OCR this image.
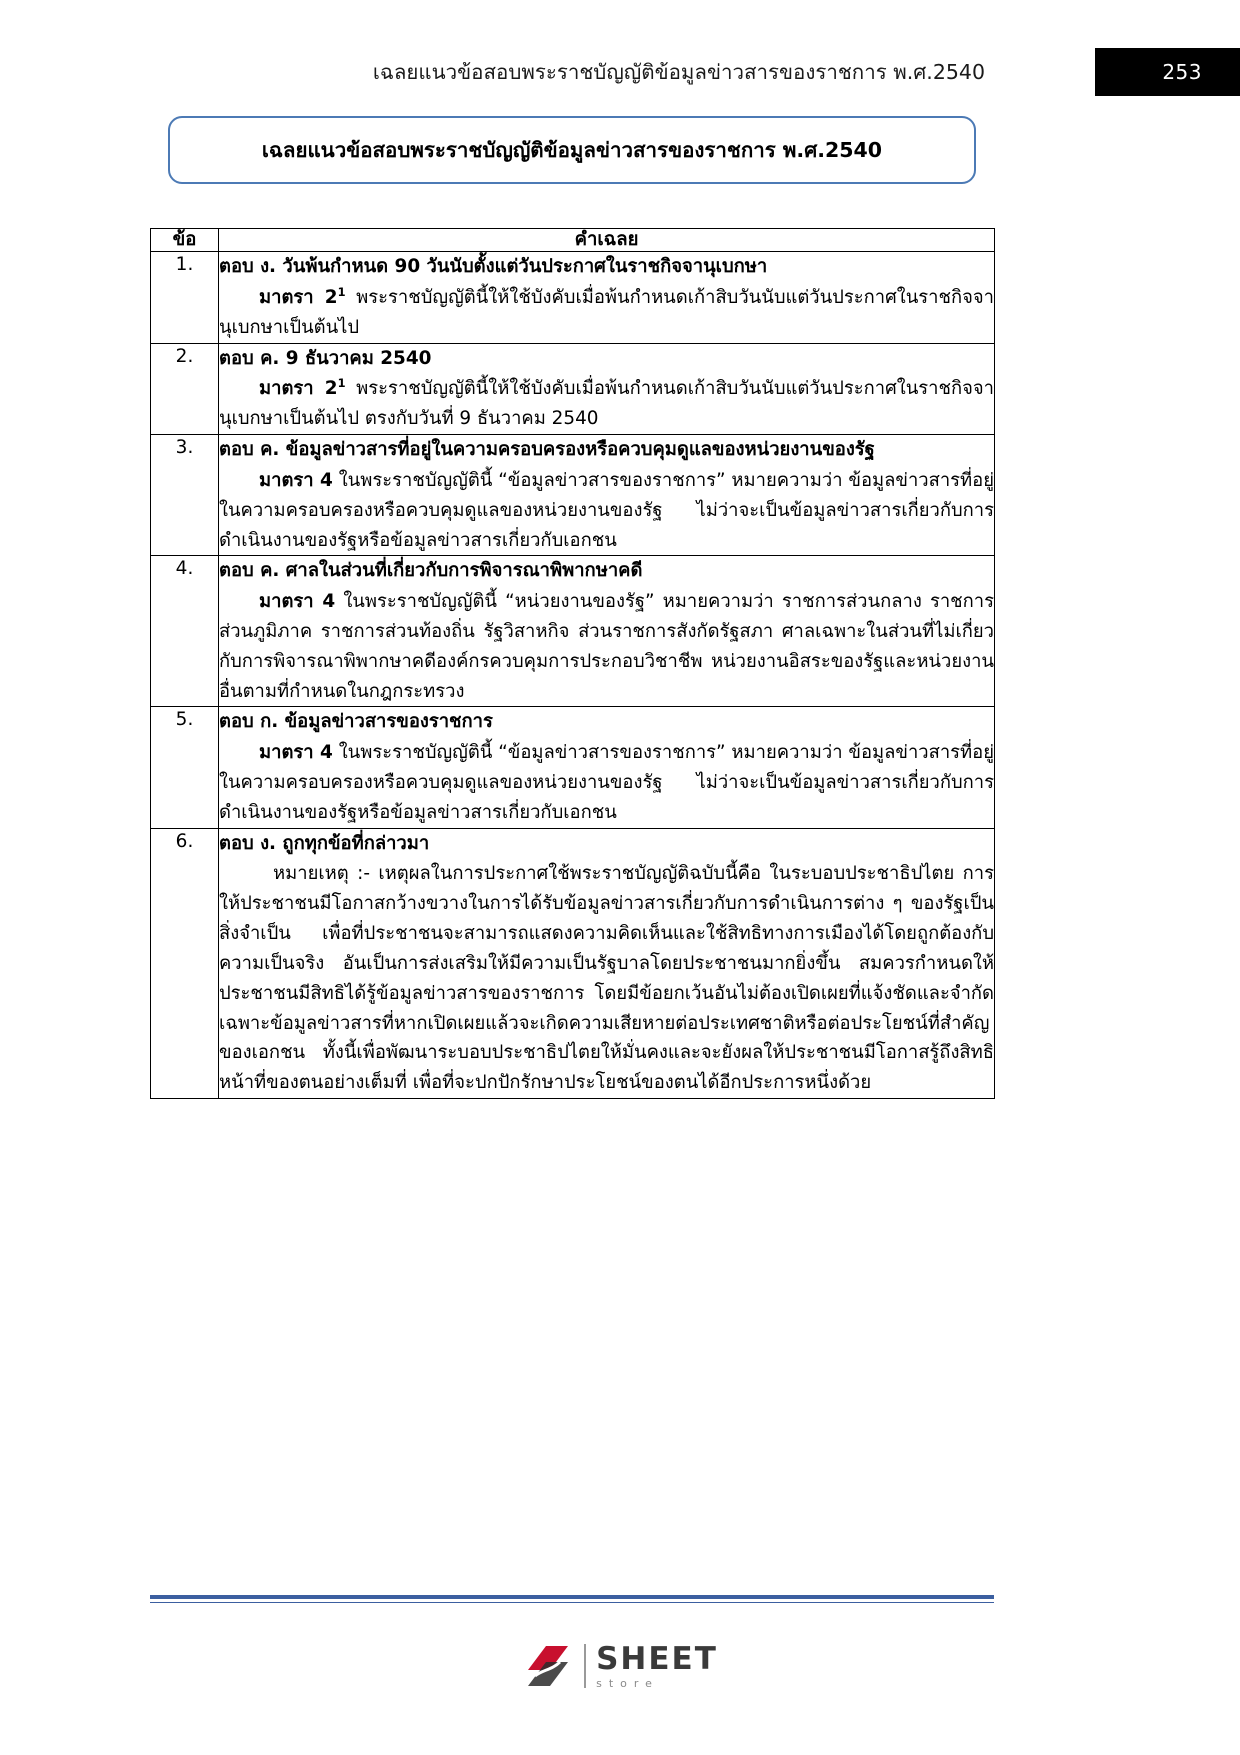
เฉลยแนวข้อสอบพระราชบัญญัติข้อมูลข่าวสารของราชการ พ.ศ.2540	253
เฉลยแนวข้อสอบพระราชบัญญัติข้อมูลข่าวสารของราชการ พ.ศ.2540
ข้อ	คำเฉลย
1.	ตอบ ง. วันพ้นกำหนด 90 วันนับตั้งแต่วันประกาศในราชกิจจานุเบกษา

มาตรา $2^1$ พระราชบัญญัตินี้ให้ใช้บังคับเมื่อพ้นกำหนดเก้าสิบวันนับแต่วันประกาศในราชกิจจานุเบกษาเป็นต้นไป

2.	ตอบ ค. 9 ธันวาคม 2540

มาตรา $2^1$ พระราชบัญญัตินี้ให้ใช้บังคับเมื่อพ้นกำหนดเก้าสิบวันนับแต่วันประกาศในราชกิจจานุเบกษาเป็นต้นไป ตรงกับวันที่ 9 ธันวาคม 2540

3.	ตอบ ค. ข้อมูลข่าวสารที่อยู่ในความครอบครองหรือควบคุมดูแลของหน่วยงานของรัฐ

มาตรา 4 ในพระราชบัญญัตินี้ “ข้อมูลข่าวสารของราชการ” หมายความว่า ข้อมูลข่าวสารที่อยู่ในความครอบครองหรือควบคุมดูแลของหน่วยงานของรัฐ ไม่ว่าจะเป็นข้อมูลข่าวสารเกี่ยวกับการดำเนินงานของรัฐหรือข้อมูลข่าวสารเกี่ยวกับเอกชน

4.	ตอบ ค. ศาลในส่วนที่เกี่ยวกับการพิจารณาพิพากษาคดี

มาตรา 4 ในพระราชบัญญัตินี้ “หน่วยงานของรัฐ” หมายความว่า ราชการส่วนกลาง ราชการส่วนภูมิภาค ราชการส่วนท้องถิ่น รัฐวิสาหกิจ ส่วนราชการสังกัดรัฐสภา ศาลเฉพาะในส่วนที่ไม่เกี่ยวกับการพิจารณาพิพากษาคดีองค์กรควบคุมการประกอบวิชาชีพ หน่วยงานอิสระของรัฐและหน่วยงานอื่นตามที่กำหนดในกฎกระทรวง

5.	ตอบ ก. ข้อมูลข่าวสารของราชการ

มาตรา 4 ในพระราชบัญญัตินี้ “ข้อมูลข่าวสารของราชการ” หมายความว่า ข้อมูลข่าวสารที่อยู่ในความครอบครองหรือควบคุมดูแลของหน่วยงานของรัฐ ไม่ว่าจะเป็นข้อมูลข่าวสารเกี่ยวกับการดำเนินงานของรัฐหรือข้อมูลข่าวสารเกี่ยวกับเอกชน

6.	ตอบ ง. ถูกทุกข้อที่กล่าวมา

หมายเหตุ :- เหตุผลในการประกาศใช้พระราชบัญญัติฉบับนี้คือ ในระบอบประชาธิปไตย การให้ประชาชนมีโอกาสกว้างขวางในการได้รับข้อมูลข่าวสารเกี่ยวกับการดำเนินการต่าง ๆ ของรัฐเป็นสิ่งจำเป็น เพื่อที่ประชาชนจะสามารถแสดงความคิดเห็นและใช้สิทธิทางการเมืองได้โดยถูกต้องกับความเป็นจริง อันเป็นการส่งเสริมให้มีความเป็นรัฐบาลโดยประชาชนมากยิ่งขึ้น สมควรกำหนดให้ประชาชนมีสิทธิได้รู้ข้อมูลข่าวสารของราชการ โดยมีข้อยกเว้นอันไม่ต้องเปิดเผยที่แจ้งชัดและจำกัดเฉพาะข้อมูลข่าวสารที่หากเปิดเผยแล้วจะเกิดความเสียหายต่อประเทศชาติหรือต่อประโยชน์ที่สำคัญของเอกชน ทั้งนี้เพื่อพัฒนาระบอบประชาธิปไตยให้มั่นคงและจะยังผลให้ประชาชนมีโอกาสรู้ถึงสิทธิหน้าที่ของตนอย่างเต็มที่ เพื่อที่จะปกปักรักษาประโยชน์ของตนได้อีกประการหนึ่งด้วย

SHEET
store
